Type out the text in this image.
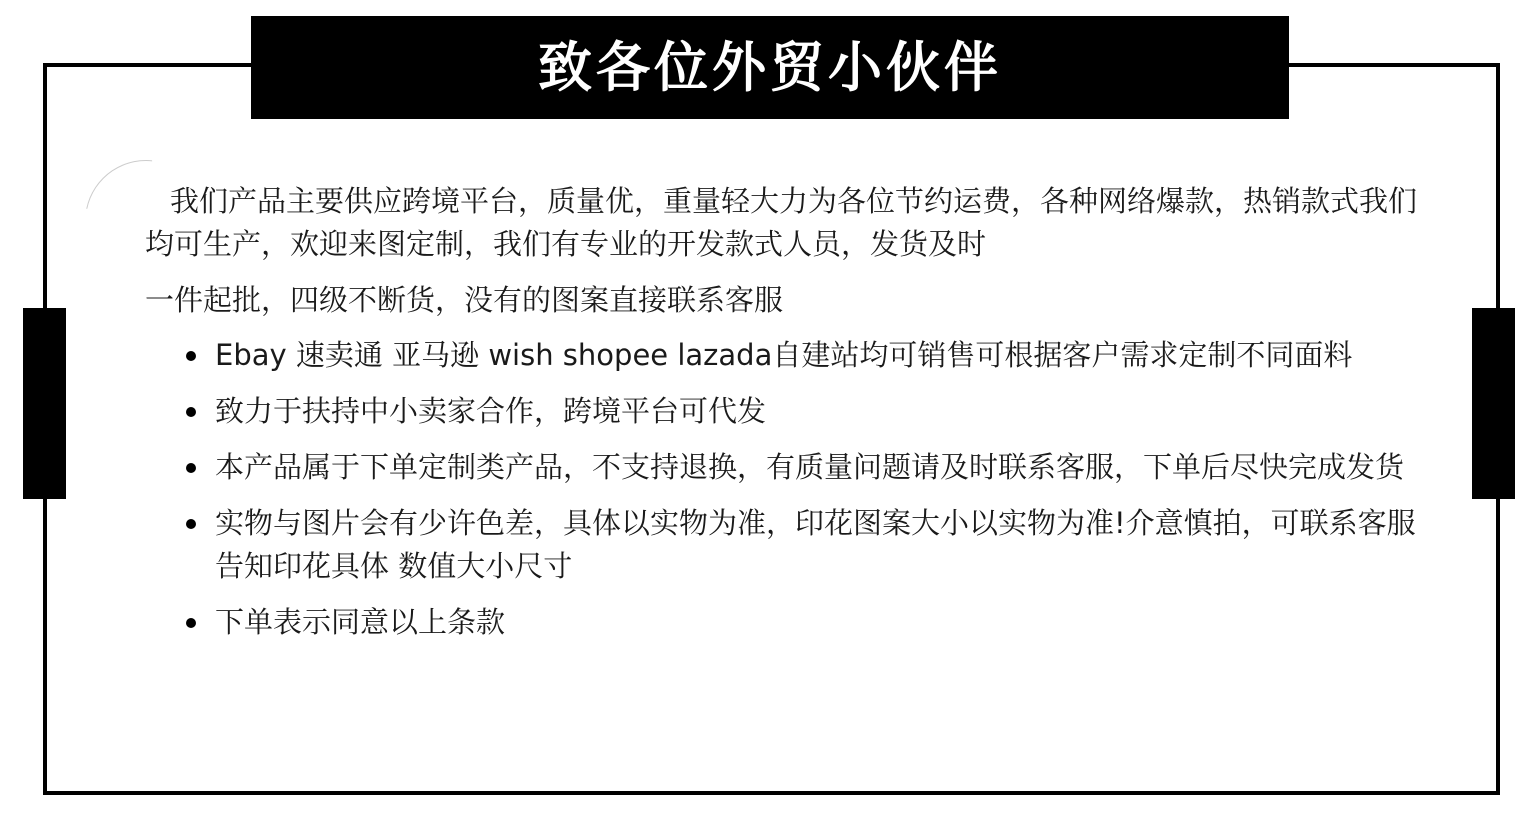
致各位外贸小伙伴

我们产品主要供应跨境平台，质量优，重量轻大力为各位节约运费，各种网络爆款，热销款式我们均可生产，欢迎来图定制，我们有专业的开发款式人员，发货及时

一件起批，四级不断货，没有的图案直接联系客服

Ebay 速卖通 亚马逊 wish shopee lazada自建站均可销售可根据客户需求定制不同面料
致力于扶持中小卖家合作，跨境平台可代发
本产品属于下单定制类产品，不支持退换，有质量问题请及时联系客服，下单后尽快完成发货
实物与图片会有少许色差，具体以实物为准，印花图案大小以实物为准!介意慎拍，可联系客服告知印花具体 数值大小尺寸
下单表示同意以上条款
